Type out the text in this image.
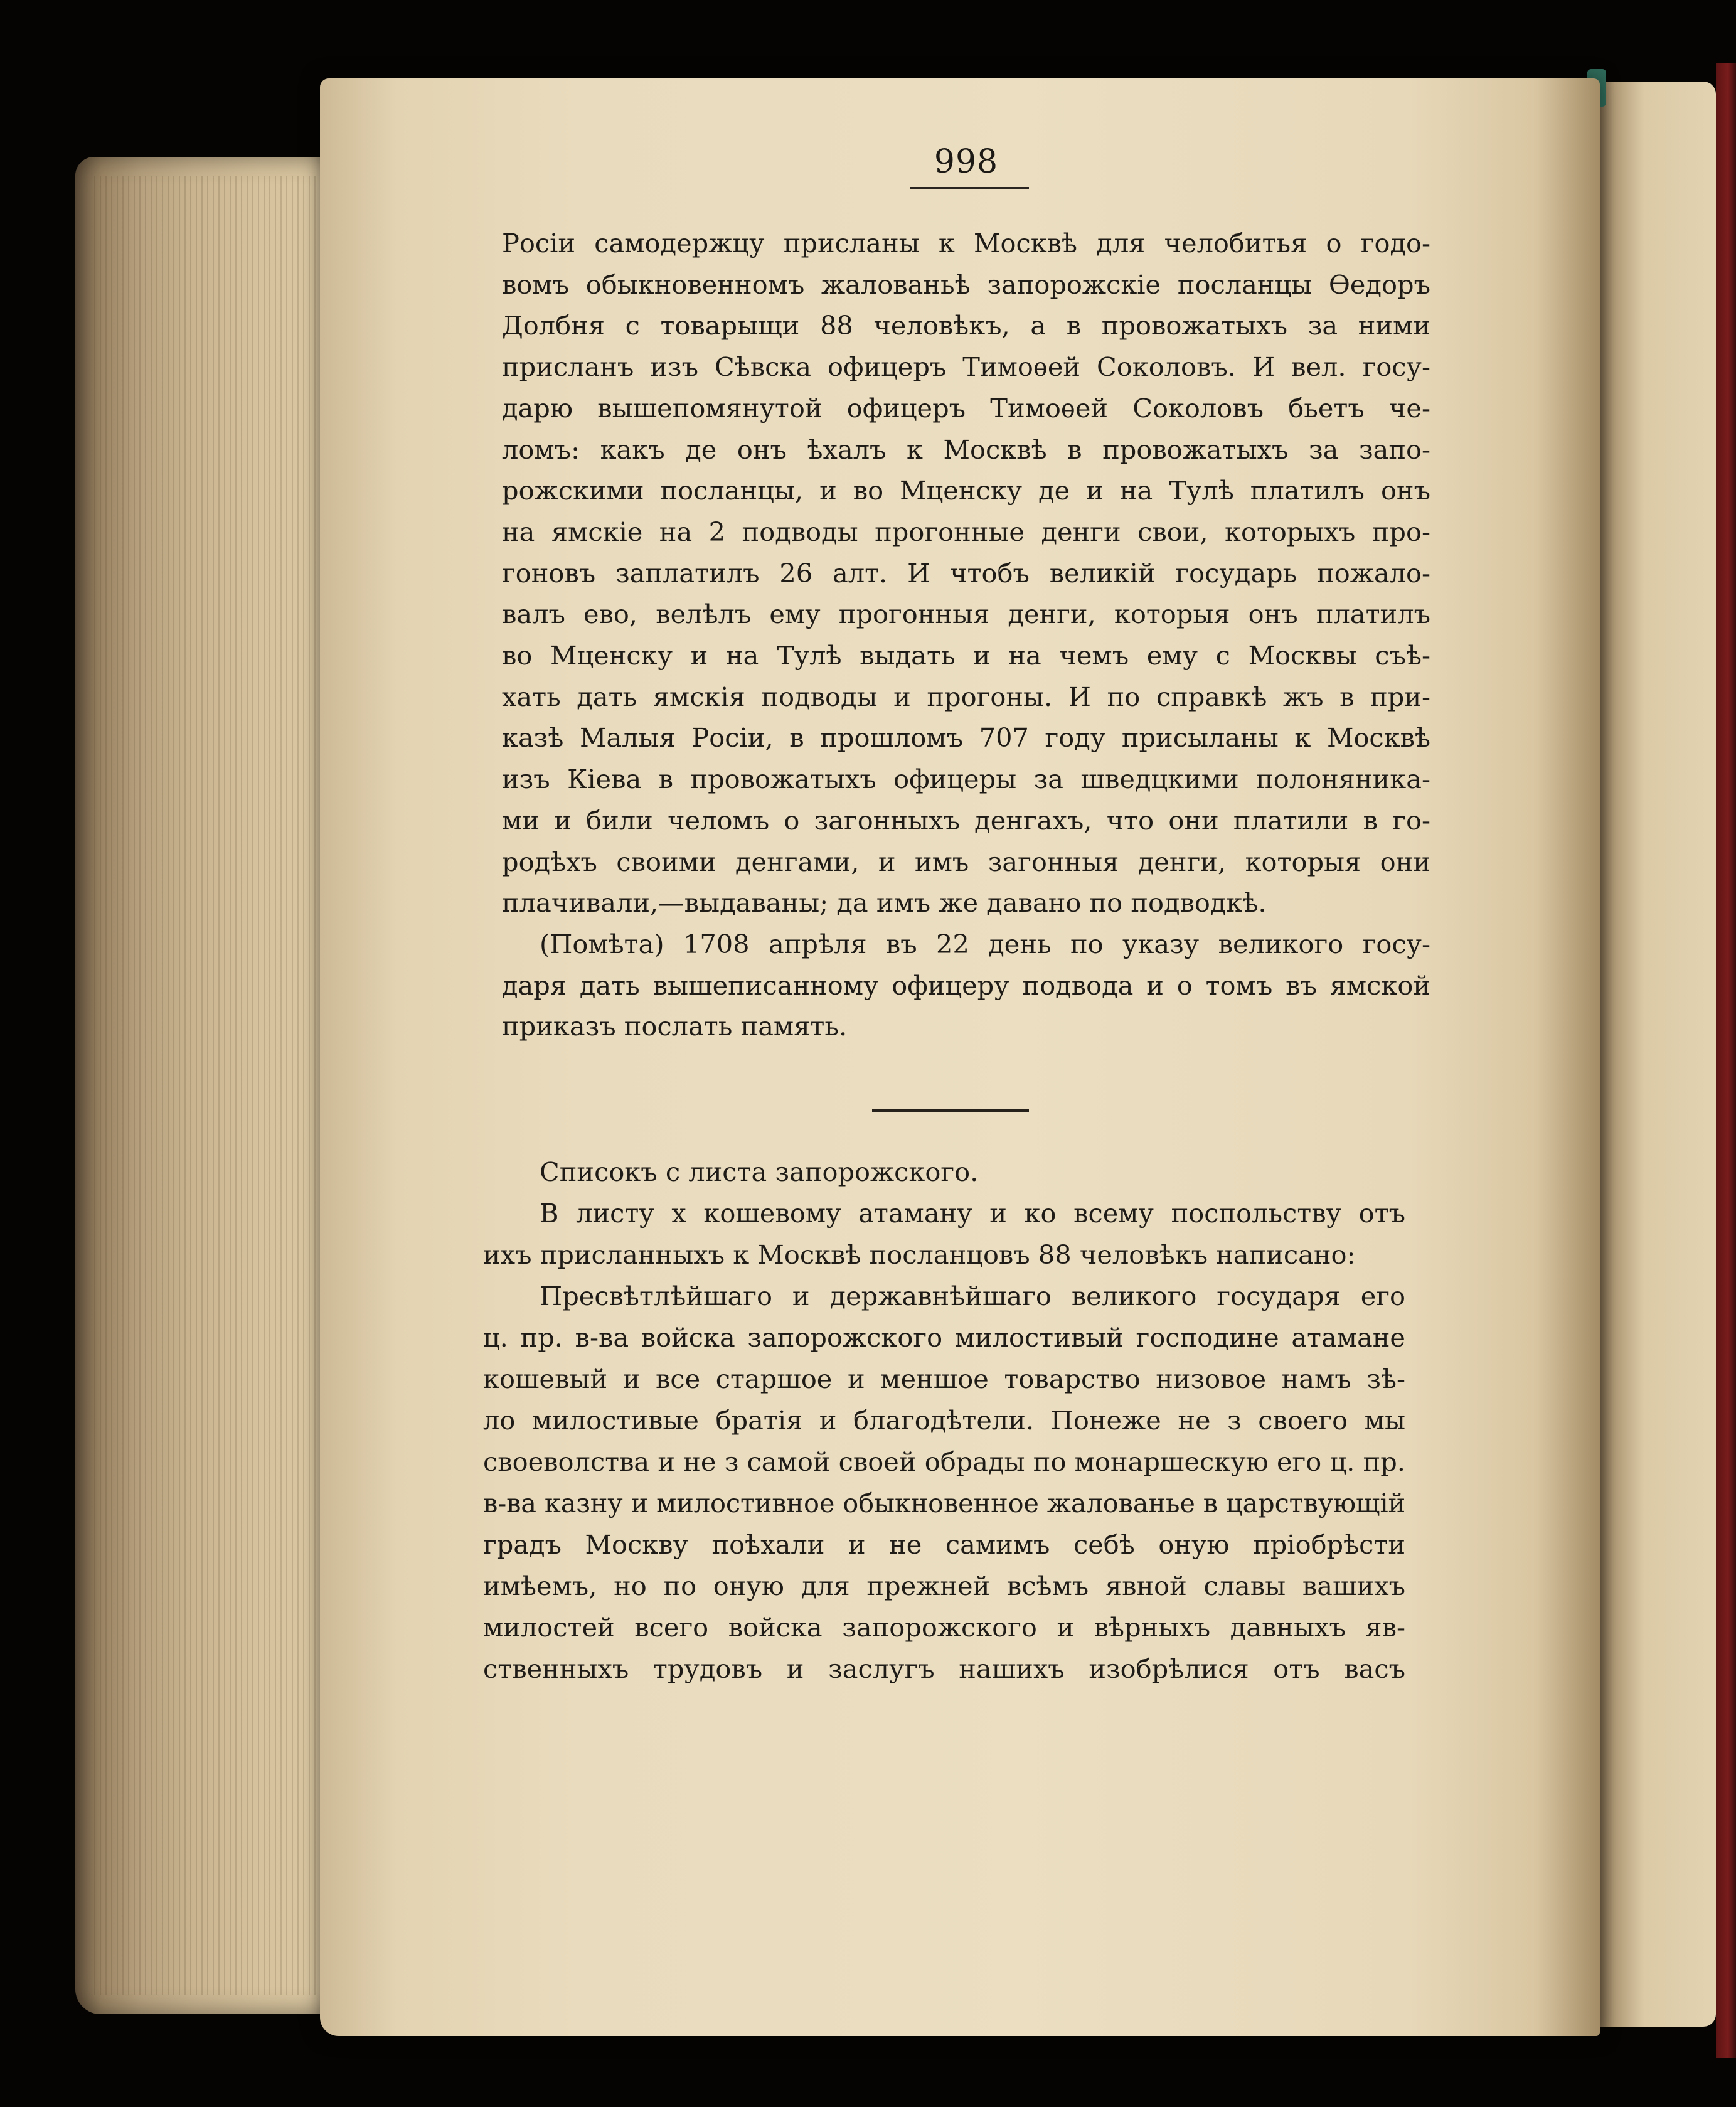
998
Росіи самодержцу присланы к Москвѣ для челобитья о годо-
вомъ обыкновенномъ жалованьѣ запорожскіе посланцы Ѳедоръ
Долбня с товарыщи 88 человѣкъ, а в провожатыхъ за ними
присланъ изъ Сѣвска офицеръ Тимоѳей Соколовъ. И вел. госу-
дарю вышепомянутой офицеръ Тимоѳей Соколовъ бьетъ че-
ломъ: какъ де онъ ѣхалъ к Москвѣ в провожатыхъ за запо-
рожскими посланцы, и во Мценску де и на Тулѣ платилъ онъ
на ямскіе на 2 подводы прогонные денги свои, которыхъ про-
гоновъ заплатилъ 26 алт. И чтобъ великій государь пожало-
валъ ево, велѣлъ ему прогонныя денги, которыя онъ платилъ
во Мценску и на Тулѣ выдать и на чемъ ему с Москвы съѣ-
хать дать ямскія подводы и прогоны. И по справкѣ жъ в при-
казѣ Малыя Росіи, в прошломъ 707 году присыланы к Москвѣ
изъ Кіева в провожатыхъ офицеры за шведцкими полоняника-
ми и били челомъ о загонныхъ денгахъ, что они платили в го-
родѣхъ своими денгами, и имъ загонныя денги, которыя они
плачивали,—выдаваны; да имъ же давано по подводкѣ.
(Помѣта) 1708 апрѣля въ 22 день по указу великого госу-
даря дать вышеписанному офицеру подвода и о томъ въ ямской
приказъ послать память.
Списокъ с листа запорожского.
В листу х кошевому атаману и ко всему поспольству отъ
ихъ присланныхъ к Москвѣ посланцовъ 88 человѣкъ написано:
Пресвѣтлѣйшаго и державнѣйшаго великого государя его
ц. пр. в-ва войска запорожского милостивый господине атамане
кошевый и все старшое и меншое товарство низовое намъ зѣ-
ло милостивые братія и благодѣтели. Понеже не з своего мы
своеволства и не з самой своей обрады по монаршескую его ц. пр.
в-ва казну и милостивное обыкновенное жалованье в царствующій
градъ Москву поѣхали и не самимъ себѣ оную пріобрѣсти
имѣемъ, но по оную для прежней всѣмъ явной славы вашихъ
милостей всего войска запорожского и вѣрныхъ давныхъ яв-
ственныхъ трудовъ и заслугъ нашихъ изобрѣлися отъ васъ
